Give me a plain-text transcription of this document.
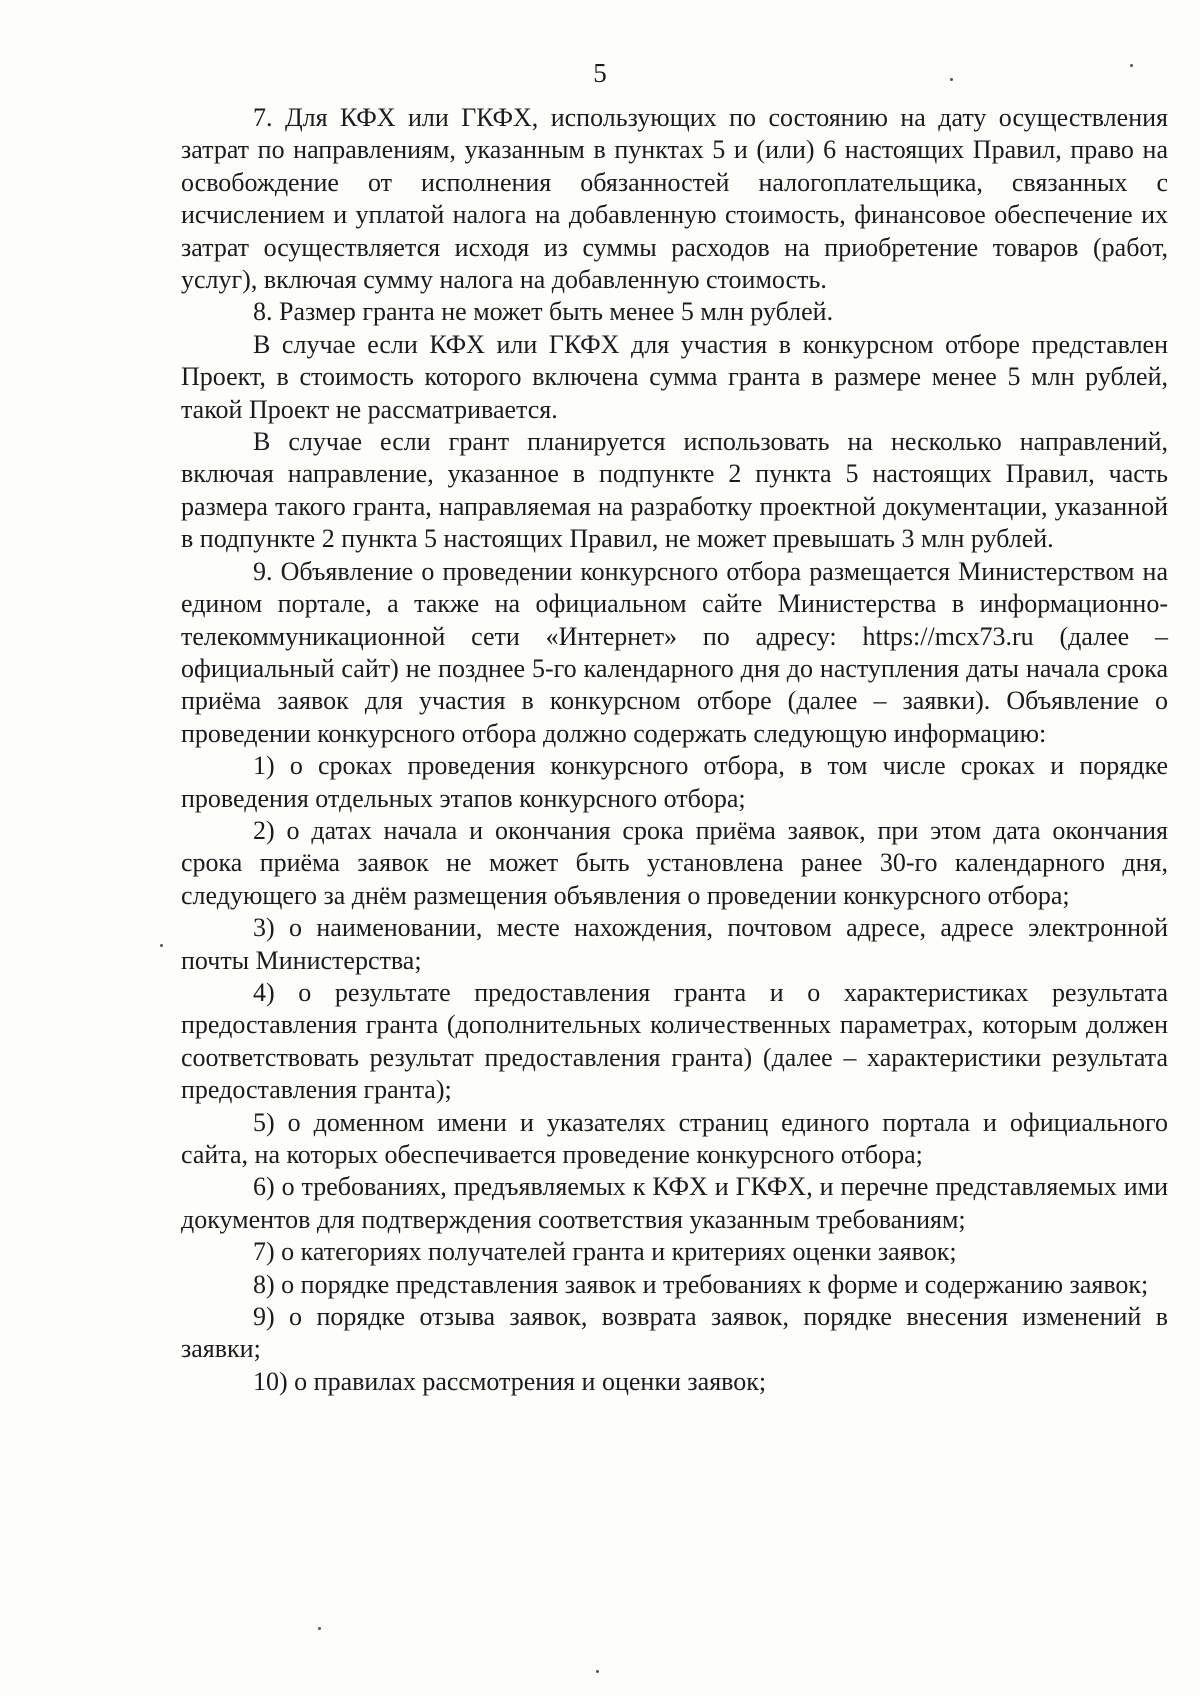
5

7. Для КФХ или ГКФХ, использующих по состоянию на дату осуществления затрат по направлениям, указанным в пунктах 5 и (или) 6 настоящих Правил, право на освобождение от исполнения обязанностей налогоплательщика, связанных с исчислением и уплатой налога на добавленную стоимость, финансовое обеспечение их затрат осуществляется исходя из суммы расходов на приобретение товаров (работ, услуг), включая сумму налога на добавленную стоимость.

8. Размер гранта не может быть менее 5 млн рублей.

В случае если КФХ или ГКФХ для участия в конкурсном отборе представлен Проект, в стоимость которого включена сумма гранта в размере менее 5 млн рублей, такой Проект не рассматривается.

В случае если грант планируется использовать на несколько направлений, включая направление, указанное в подпункте 2 пункта 5 настоящих Правил, часть размера такого гранта, направляемая на разработку проектной документации, указанной в подпункте 2 пункта 5 настоящих Правил, не может превышать 3 млн рублей.

9. Объявление о проведении конкурсного отбора размещается Министерством на едином портале, а также на официальном сайте Министерства в информационно-телекоммуникационной сети «Интернет» по адресу: https://mcx73.ru (далее – официальный сайт) не позднее 5-го календарного дня до наступления даты начала срока приёма заявок для участия в конкурсном отборе (далее – заявки). Объявление о проведении конкурсного отбора должно содержать следующую информацию:

1) о сроках проведения конкурсного отбора, в том числе сроках и порядке проведения отдельных этапов конкурсного отбора;

2) о датах начала и окончания срока приёма заявок, при этом дата окончания срока приёма заявок не может быть установлена ранее 30-го календарного дня, следующего за днём размещения объявления о проведении конкурсного отбора;

3) о наименовании, месте нахождения, почтовом адресе, адресе электронной почты Министерства;

4) о результате предоставления гранта и о характеристиках результата предоставления гранта (дополнительных количественных параметрах, которым должен соответствовать результат предоставления гранта) (далее – характеристики результата предоставления гранта);

5) о доменном имени и указателях страниц единого портала и официального сайта, на которых обеспечивается проведение конкурсного отбора;

6) о требованиях, предъявляемых к КФХ и ГКФХ, и перечне представляемых ими документов для подтверждения соответствия указанным требованиям;

7) о категориях получателей гранта и критериях оценки заявок;

8) о порядке представления заявок и требованиях к форме и содержанию заявок;

9) о порядке отзыва заявок, возврата заявок, порядке внесения изменений в заявки;

10) о правилах рассмотрения и оценки заявок;
